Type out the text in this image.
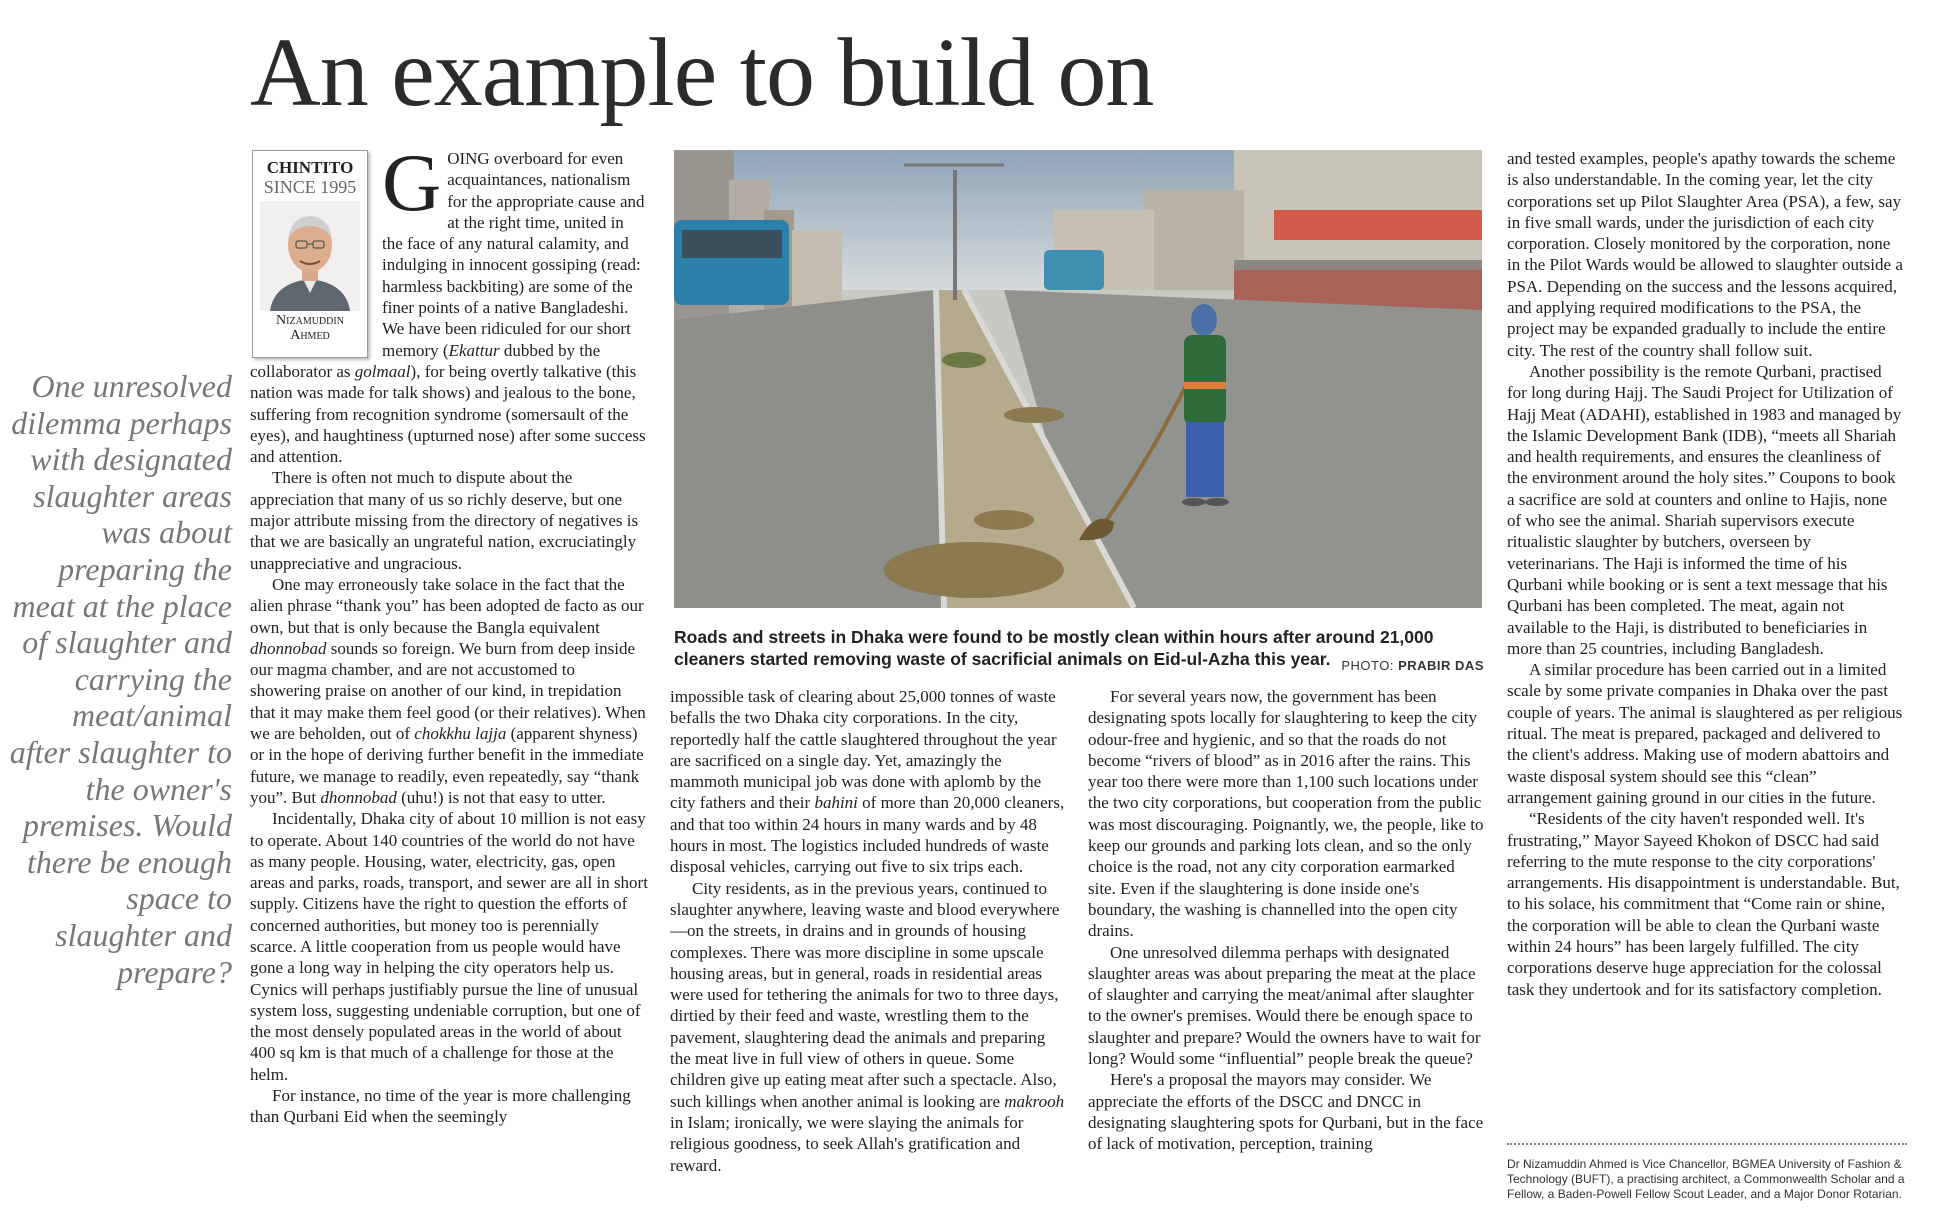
An example to build on
One unresolved dilemma perhaps with designated slaughter areas was about preparing the meat at the place of slaughter and carrying the meat/animal after slaughter to the owner's premises. Would there be enough space to slaughter and prepare?
CHINTITO
SINCE 1995
Nizamuddin
Ahmed

GOING overboard for even acquaintances, nationalism for the appropriate cause and at the right time, united in the face of any natural calamity, and indulging in innocent gossiping (read: harmless backbiting) are some of the finer points of a native Bangladeshi. We have been ridiculed for our short memory (Ekattur dubbed by the collaborator as golmaal), for being overtly talkative (this nation was made for talk shows) and jealous to the bone, suffering from recognition syndrome (somersault of the eyes), and haughtiness (upturned nose) after some success and attention.

There is often not much to dispute about the appreciation that many of us so richly deserve, but one major attribute missing from the directory of negatives is that we are basically an ungrateful nation, excruciatingly unappreciative and ungracious.

One may erroneously take solace in the fact that the alien phrase “thank you” has been adopted de facto as our own, but that is only because the Bangla equivalent dhonnobad sounds so foreign. We burn from deep inside our magma chamber, and are not accustomed to showering praise on another of our kind, in trepidation that it may make them feel good (or their relatives). When we are beholden, out of chokkhu lajja (apparent shyness) or in the hope of deriving further benefit in the immediate future, we manage to readily, even repeatedly, say “thank you”. But dhonnobad (uhu!) is not that easy to utter.

Incidentally, Dhaka city of about 10 million is not easy to operate. About 140 countries of the world do not have as many people. Housing, water, electricity, gas, open areas and parks, roads, transport, and sewer are all in short supply. Citizens have the right to question the efforts of concerned authorities, but money too is perennially scarce. A little cooperation from us people would have gone a long way in helping the city operators help us. Cynics will perhaps justifiably pursue the line of unusual system loss, suggesting undeniable corruption, but one of the most densely populated areas in the world of about 400 sq km is that much of a challenge for those at the helm.

For instance, no time of the year is more challenging than Qurbani Eid when the seemingly

Roads and streets in Dhaka were found to be mostly clean within hours after around 21,000 cleaners started removing waste of sacrificial animals on Eid-ul-Azha this year. PHOTO: PRABIR DAS

impossible task of clearing about 25,000 tonnes of waste befalls the two Dhaka city corporations. In the city, reportedly half the cattle slaughtered throughout the year are sacrificed on a single day. Yet, amazingly the mammoth municipal job was done with aplomb by the city fathers and their bahini of more than 20,000 cleaners, and that too within 24 hours in many wards and by 48 hours in most. The logistics included hundreds of waste disposal vehicles, carrying out five to six trips each.

City residents, as in the previous years, continued to slaughter anywhere, leaving waste and blood everywhere—on the streets, in drains and in grounds of housing complexes. There was more discipline in some upscale housing areas, but in general, roads in residential areas were used for tethering the animals for two to three days, dirtied by their feed and waste, wrestling them to the pavement, slaughtering dead the animals and preparing the meat live in full view of others in queue. Some children give up eating meat after such a spectacle. Also, such killings when another animal is looking are makrooh in Islam; ironically, we were slaying the animals for religious goodness, to seek Allah's gratification and reward.

For several years now, the government has been designating spots locally for slaughtering to keep the city odour-free and hygienic, and so that the roads do not become “rivers of blood” as in 2016 after the rains. This year too there were more than 1,100 such locations under the two city corporations, but cooperation from the public was most discouraging. Poignantly, we, the people, like to keep our grounds and parking lots clean, and so the only choice is the road, not any city corporation earmarked site. Even if the slaughtering is done inside one's boundary, the washing is channelled into the open city drains.

One unresolved dilemma perhaps with designated slaughter areas was about preparing the meat at the place of slaughter and carrying the meat/animal after slaughter to the owner's premises. Would there be enough space to slaughter and prepare? Would the owners have to wait for long? Would some “influential” people break the queue?

Here's a proposal the mayors may consider. We appreciate the efforts of the DSCC and DNCC in designating slaughtering spots for Qurbani, but in the face of lack of motivation, perception, training

and tested examples, people's apathy towards the scheme is also understandable. In the coming year, let the city corporations set up Pilot Slaughter Area (PSA), a few, say in five small wards, under the jurisdiction of each city corporation. Closely monitored by the corporation, none in the Pilot Wards would be allowed to slaughter outside a PSA. Depending on the success and the lessons acquired, and applying required modifications to the PSA, the project may be expanded gradually to include the entire city. The rest of the country shall follow suit.

Another possibility is the remote Qurbani, practised for long during Hajj. The Saudi Project for Utilization of Hajj Meat (ADAHI), established in 1983 and managed by the Islamic Development Bank (IDB), “meets all Shariah and health requirements, and ensures the cleanliness of the environment around the holy sites.” Coupons to book a sacrifice are sold at counters and online to Hajis, none of who see the animal. Shariah supervisors execute ritualistic slaughter by butchers, overseen by veterinarians. The Haji is informed the time of his Qurbani while booking or is sent a text message that his Qurbani has been completed. The meat, again not available to the Haji, is distributed to beneficiaries in more than 25 countries, including Bangladesh.

A similar procedure has been carried out in a limited scale by some private companies in Dhaka over the past couple of years. The animal is slaughtered as per religious ritual. The meat is prepared, packaged and delivered to the client's address. Making use of modern abattoirs and waste disposal system should see this “clean” arrangement gaining ground in our cities in the future.

“Residents of the city haven't responded well. It's frustrating,” Mayor Sayeed Khokon of DSCC had said referring to the mute response to the city corporations' arrangements. His disappointment is understandable. But, to his solace, his commitment that “Come rain or shine, the corporation will be able to clean the Qurbani waste within 24 hours” has been largely fulfilled. The city corporations deserve huge appreciation for the colossal task they undertook and for its satisfactory completion.

Dr Nizamuddin Ahmed is Vice Chancellor, BGMEA University of Fashion & Technology (BUFT), a practising architect, a Commonwealth Scholar and a Fellow, a Baden-Powell Fellow Scout Leader, and a Major Donor Rotarian.
